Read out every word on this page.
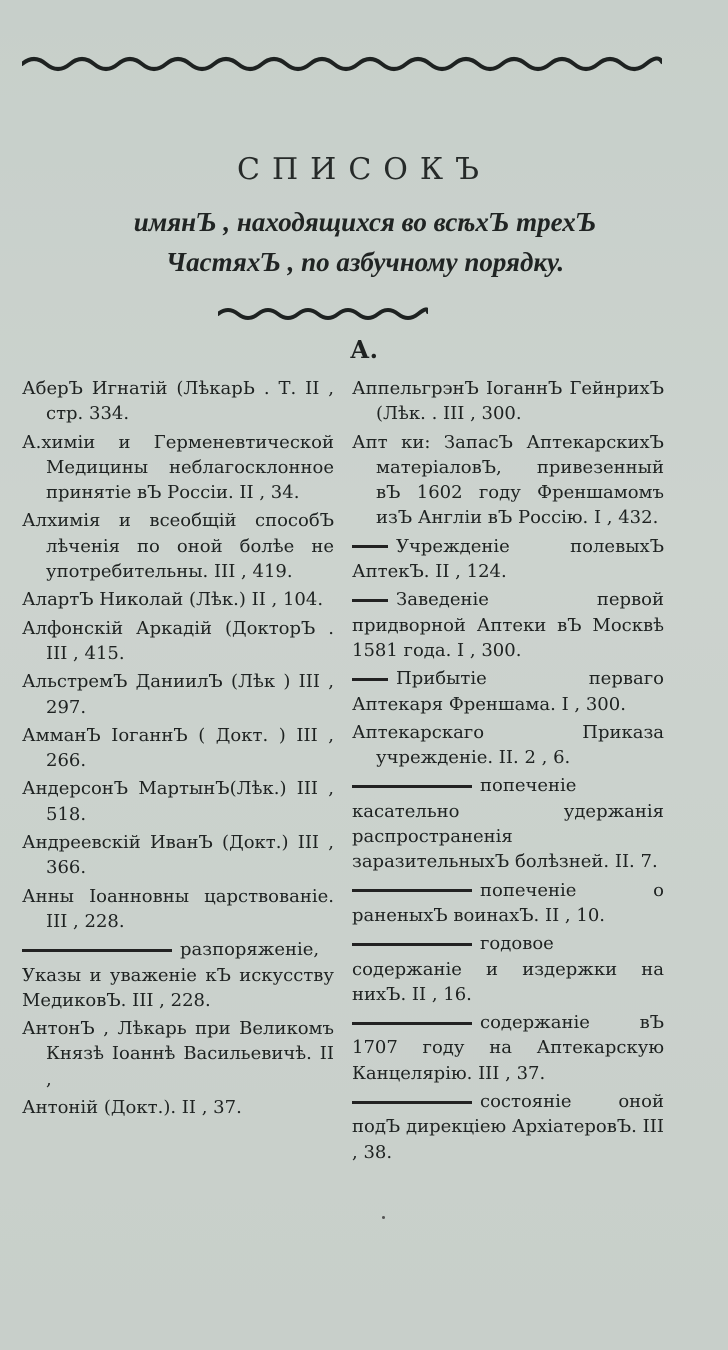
СПИСОКЪ
имянЪ , находящихся во всѣхЪ трехЪ
ЧастяхЪ , по азбучному порядку.
А.
АберЪ Игнатій (ЛѣкарЬ . Т. II , стр. 334.
А.химіи и Герменевтической Медицины неблагосклонное принятіе вЪ Россіи. II , 34.
Алхимія и всеобщій способЪ лѣченія по оной болѣе не употребительны. III , 419.
АлартЪ Николай (Лѣк.) II , 104.
Алфонскій Аркадій (ДокторЪ . III , 415.
АльстремЪ ДаниилЪ (Лѣк ) III , 297.
АмманЪ ІоганнЪ ( Докт. ) III , 266.
АндерсонЪ МартынЪ(Лѣк.) III , 518.
Андреевскій ИванЪ (Докт.) III , 366.
Анны Іоанновны царствованіе. III , 228.
разпоряженіе, Указы и уваженіе кЪ искусству МедиковЪ. III , 228.
АнтонЪ , Лѣкарь при Великомъ Князѣ Іоаннѣ Васильевичѣ. II ,
Антоній (Докт.). II , 37.
АппельгрэнЪ ІоганнЪ ГейнрихЪ (Лѣк. . III , 300.
Апт ки: ЗапасЪ АптекарскихЪ матеріаловЪ, привезенный вЪ 1602 году Френшамомъ изЪ Англіи вЪ Россію. I , 432.
Учрежденіе полевыхЪ АптекЪ. II , 124.
Заведеніе первой придворной Аптеки вЪ Москвѣ 1581 года. I , 300.
Прибытіе перваго Аптекаря Френшама. I , 300.
Аптекарскаго Приказа учрежденіе. II. 2 , 6.
попеченіе касательно удержанія распространенія заразительныхЪ болѣзней. II. 7.
попеченіе о раненыхЪ воинахЪ. II , 10.
годовое содержаніе и издержки на нихЪ. II , 16.
содержаніе вЪ 1707 году на Аптекарскую Канцелярію. III , 37.
состояніе оной подЪ дирекціею АрхіатеровЪ. III , 38.
